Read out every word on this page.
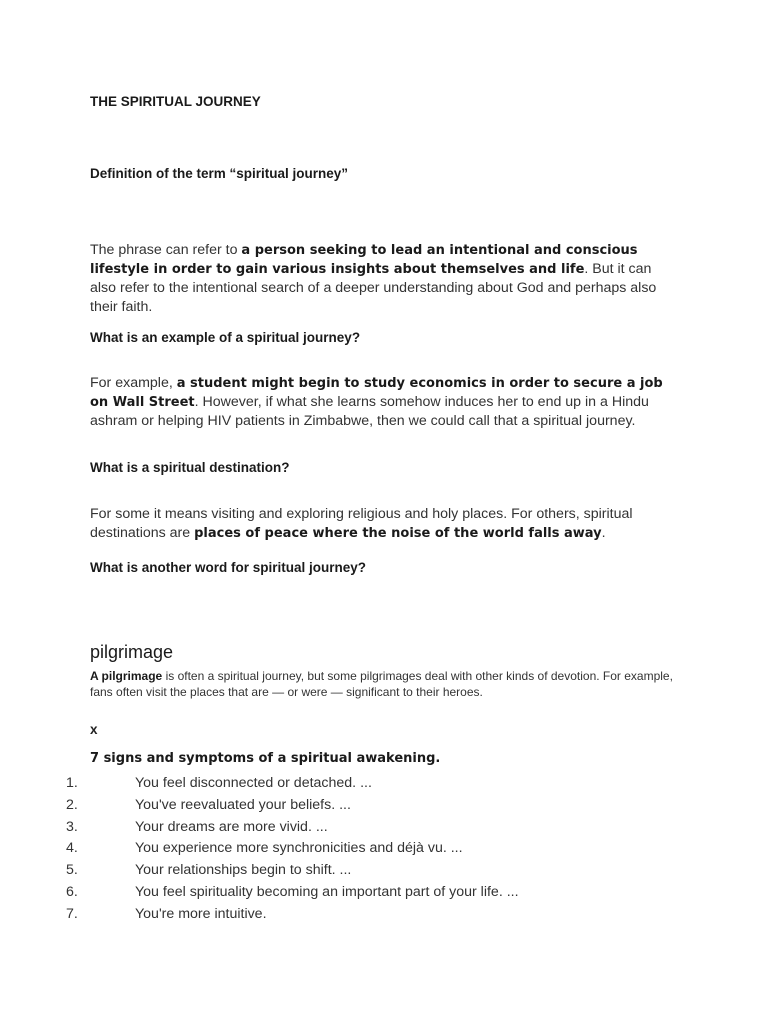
THE SPIRITUAL JOURNEY
Definition of the term “spiritual journey”
The phrase can refer to a person seeking to lead an intentional and conscious lifestyle in order to gain various insights about themselves and life. But it can also refer to the intentional search of a deeper understanding about God and perhaps also their faith.
What is an example of a spiritual journey?
For example, a student might begin to study economics in order to secure a job on Wall Street. However, if what she learns somehow induces her to end up in a Hindu ashram or helping HIV patients in Zimbabwe, then we could call that a spiritual journey.
What is a spiritual destination?
For some it means visiting and exploring religious and holy places. For others, spiritual destinations are places of peace where the noise of the world falls away.
What is another word for spiritual journey?
pilgrimage
A pilgrimage is often a spiritual journey, but some pilgrimages deal with other kinds of devotion. For example, fans often visit the places that are — or were — significant to their heroes.
x
7 signs and symptoms of a spiritual awakening.
1.	You feel disconnected or detached. ...
2.	You've reevaluated your beliefs. ...
3.	Your dreams are more vivid. ...
4.	You experience more synchronicities and déjà vu. ...
5.	Your relationships begin to shift. ...
6.	You feel spirituality becoming an important part of your life. ...
7.	You're more intuitive.
